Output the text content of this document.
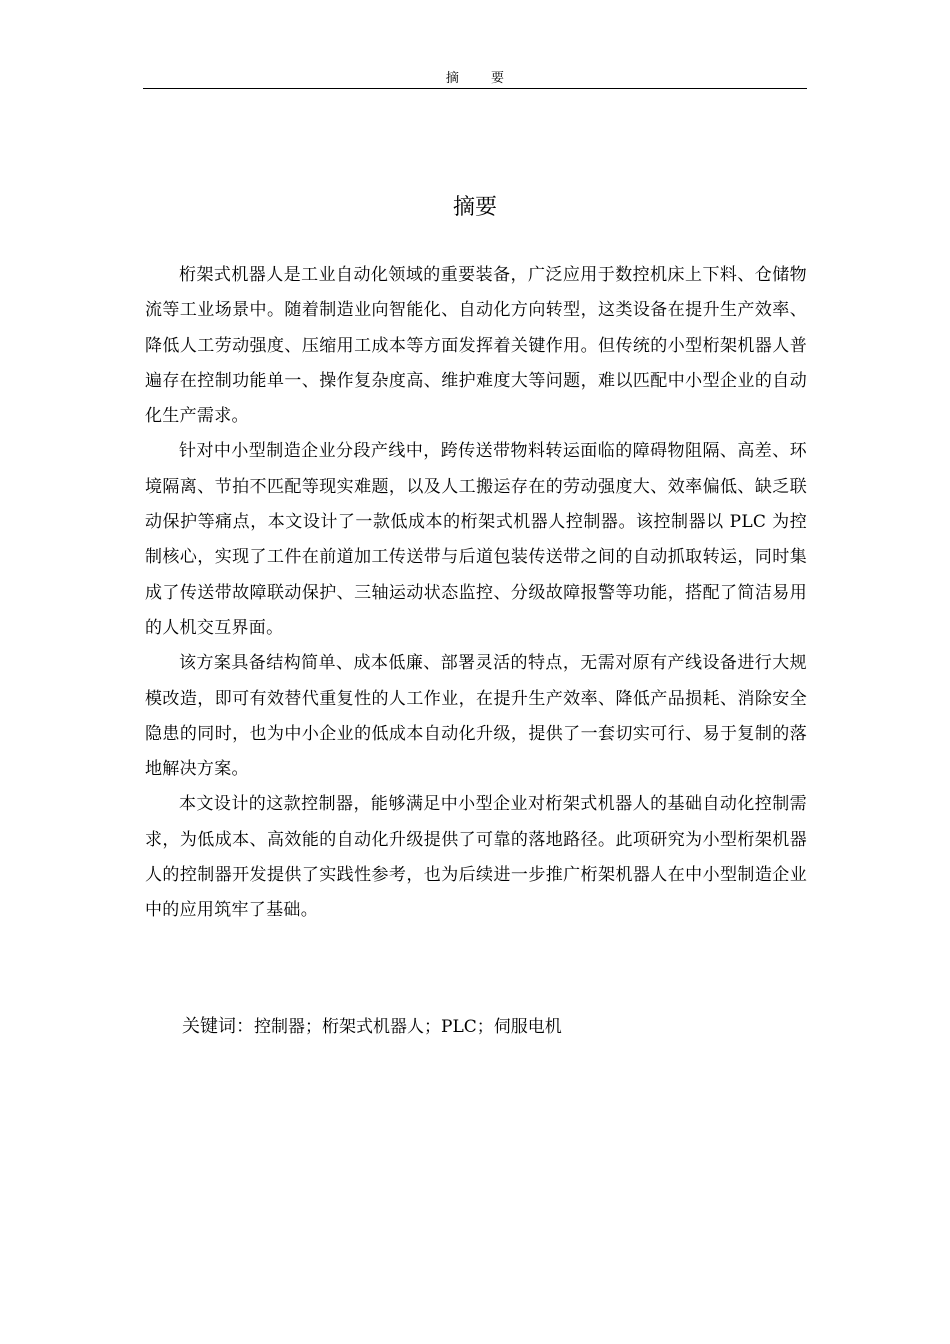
摘 要
摘要

桁架式机器人是工业自动化领域的重要装备，广泛应用于数控机床上下料、仓储物流等工业场景中。随着制造业向智能化、自动化方向转型，这类设备在提升生产效率、降低人工劳动强度、压缩用工成本等方面发挥着关键作用。但传统的小型桁架机器人普遍存在控制功能单一、操作复杂度高、维护难度大等问题，难以匹配中小型企业的自动化生产需求。

针对中小型制造企业分段产线中，跨传送带物料转运面临的障碍物阻隔、高差、环境隔离、节拍不匹配等现实难题，以及人工搬运存在的劳动强度大、效率偏低、缺乏联动保护等痛点，本文设计了一款低成本的桁架式机器人控制器。该控制器以 PLC 为控制核心，实现了工件在前道加工传送带与后道包装传送带之间的自动抓取转运，同时集成了传送带故障联动保护、三轴运动状态监控、分级故障报警等功能，搭配了简洁易用的人机交互界面。

该方案具备结构简单、成本低廉、部署灵活的特点，无需对原有产线设备进行大规模改造，即可有效替代重复性的人工作业，在提升生产效率、降低产品损耗、消除安全隐患的同时，也为中小企业的低成本自动化升级，提供了一套切实可行、易于复制的落地解决方案。

本文设计的这款控制器，能够满足中小型企业对桁架式机器人的基础自动化控制需求，为低成本、高效能的自动化升级提供了可靠的落地路径。此项研究为小型桁架机器人的控制器开发提供了实践性参考，也为后续进一步推广桁架机器人在中小型制造企业中的应用筑牢了基础。

关键词：控制器；桁架式机器人；PLC；伺服电机
